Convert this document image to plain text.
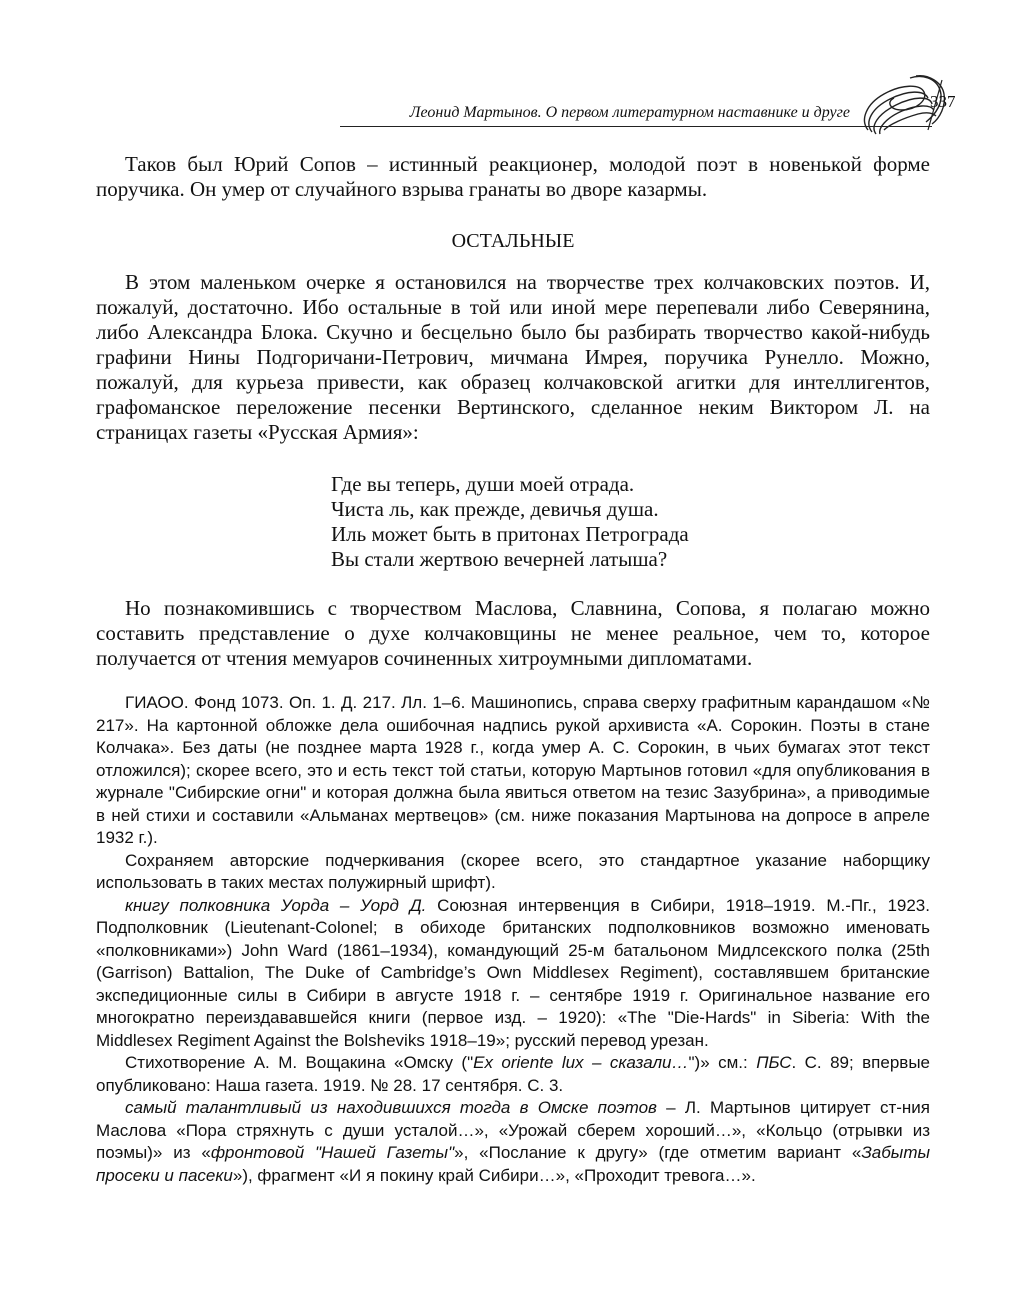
Леонид Мартынов. О первом литературном наставнике и друге
337

Таков был Юрий Сопов – истинный реакционер, молодой поэт в новенькой форме поручика. Он умер от случайного взрыва гранаты во дворе казармы.

ОСТАЛЬНЫЕ

В этом маленьком очерке я остановился на творчестве трех колчаковских поэтов. И, пожалуй, достаточно. Ибо остальные в той или иной мере перепевали либо Северянина, либо Александра Блока. Скучно и бесцельно было бы разбирать творчество какой-нибудь графини Нины Подгоричани-Петрович, мичмана Имрея, поручика Рунелло. Можно, пожалуй, для курьеза привести, как образец колчаковской агитки для интеллигентов, графоманское переложение песенки Вертинского, сделанное неким Виктором Л. на страницах газеты «Русская Армия»:

Где вы теперь, души моей отрада.
Чиста ль, как прежде, девичья душа.
Иль может быть в притонах Петрограда
Вы стали жертвою вечерней латыша?

Но познакомившись с творчеством Маслова, Славнина, Сопова, я полагаю можно составить представление о духе колчаковщины не менее реальное, чем то, которое получается от чтения мемуаров сочиненных хитроумными дипломатами.

ГИАОО. Фонд 1073. Оп. 1. Д. 217. Лл. 1–6. Машинопись, справа сверху графитным карандашом «№ 217». На картонной обложке дела ошибочная надпись рукой архивиста «А. Сорокин. Поэты в стане Колчака». Без даты (не позднее марта 1928 г., когда умер А. С. Сорокин, в чьих бумагах этот текст отложился); скорее всего, это и есть текст той статьи, которую Мартынов готовил «для опубликования в журнале "Сибирские огни" и которая должна была явиться ответом на тезис Зазубрина», а приводимые в ней стихи и составили «Альманах мертвецов» (см. ниже показания Мартынова на допросе в апреле 1932 г.).

Сохраняем авторские подчеркивания (скорее всего, это стандартное указание наборщику использовать в таких местах полужирный шрифт).

книгу полковника Уорда – Уорд Д. Союзная интервенция в Сибири, 1918–1919. М.-Пг., 1923. Подполковник (Lieutenant-Colonel; в обиходе британских подполковников возможно именовать «полковниками») John Ward (1861–1934), командующий 25-м батальоном Мидлсекского полка (25th (Garrison) Battalion, The Duke of Cambridge’s Own Middlesex Regiment), составлявшем британские экспедиционные силы в Сибири в августе 1918 г. – сентябре 1919 г. Оригинальное название его многократно переиздававшейся книги (первое изд. – 1920): «The "Die-Hards" in Siberia: With the Middlesex Regiment Against the Bolsheviks 1918–19»; русский перевод урезан.

Стихотворение А. М. Вощакина «Омску ("Ex oriente lux – сказали…")» см.: ПБС. С. 89; впервые опубликовано: Наша газета. 1919. № 28. 17 сентября. С. 3.

самый талантливый из находившихся тогда в Омске поэтов – Л. Мартынов цитирует ст-ния Маслова «Пора стряхнуть с души усталой…», «Урожай сберем хороший…», «Кольцо (отрывки из поэмы)» из «фронтовой "Нашей Газеты"», «Послание к другу» (где отметим вариант «Забыты просеки и пасеки»), фрагмент «И я покину край Сибири…», «Проходит тревога…».
